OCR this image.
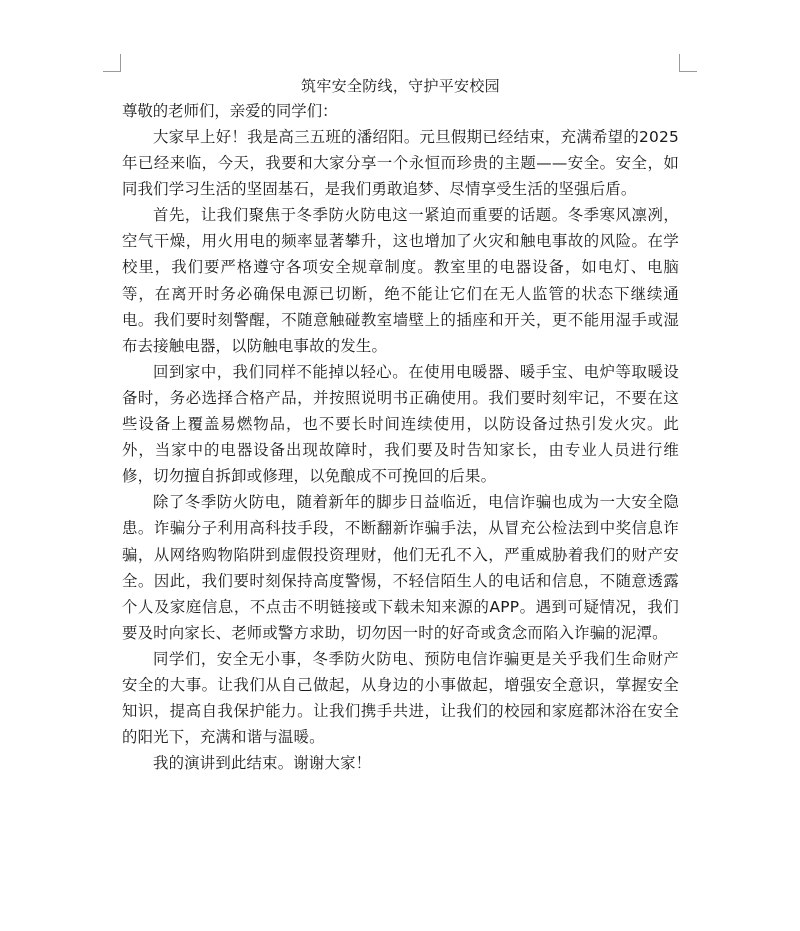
筑牢安全防线，守护平安校园

尊敬的老师们，亲爱的同学们：

大家早上好！我是高三五班的潘绍阳。元旦假期已经结束，充满希望的2025年已经来临，今天，我要和大家分享一个永恒而珍贵的主题——安全。安全，如同我们学习生活的坚固基石，是我们勇敢追梦、尽情享受生活的坚强后盾。

首先，让我们聚焦于冬季防火防电这一紧迫而重要的话题。冬季寒风凛冽，空气干燥，用火用电的频率显著攀升，这也增加了火灾和触电事故的风险。在学校里，我们要严格遵守各项安全规章制度。教室里的电器设备，如电灯、电脑等，在离开时务必确保电源已切断，绝不能让它们在无人监管的状态下继续通电。我们要时刻警醒，不随意触碰教室墙壁上的插座和开关，更不能用湿手或湿布去接触电器，以防触电事故的发生。

回到家中，我们同样不能掉以轻心。在使用电暖器、暖手宝、电炉等取暖设备时，务必选择合格产品，并按照说明书正确使用。我们要时刻牢记，不要在这些设备上覆盖易燃物品，也不要长时间连续使用，以防设备过热引发火灾。此外，当家中的电器设备出现故障时，我们要及时告知家长，由专业人员进行维修，切勿擅自拆卸或修理，以免酿成不可挽回的后果。

除了冬季防火防电，随着新年的脚步日益临近，电信诈骗也成为一大安全隐患。诈骗分子利用高科技手段，不断翻新诈骗手法，从冒充公检法到中奖信息诈骗，从网络购物陷阱到虚假投资理财，他们无孔不入，严重威胁着我们的财产安全。因此，我们要时刻保持高度警惕，不轻信陌生人的电话和信息，不随意透露个人及家庭信息，不点击不明链接或下载未知来源的APP。遇到可疑情况，我们要及时向家长、老师或警方求助，切勿因一时的好奇或贪念而陷入诈骗的泥潭。

同学们，安全无小事，冬季防火防电、预防电信诈骗更是关乎我们生命财产安全的大事。让我们从自己做起，从身边的小事做起，增强安全意识，掌握安全知识，提高自我保护能力。让我们携手共进，让我们的校园和家庭都沐浴在安全的阳光下，充满和谐与温暖。

我的演讲到此结束。谢谢大家！
